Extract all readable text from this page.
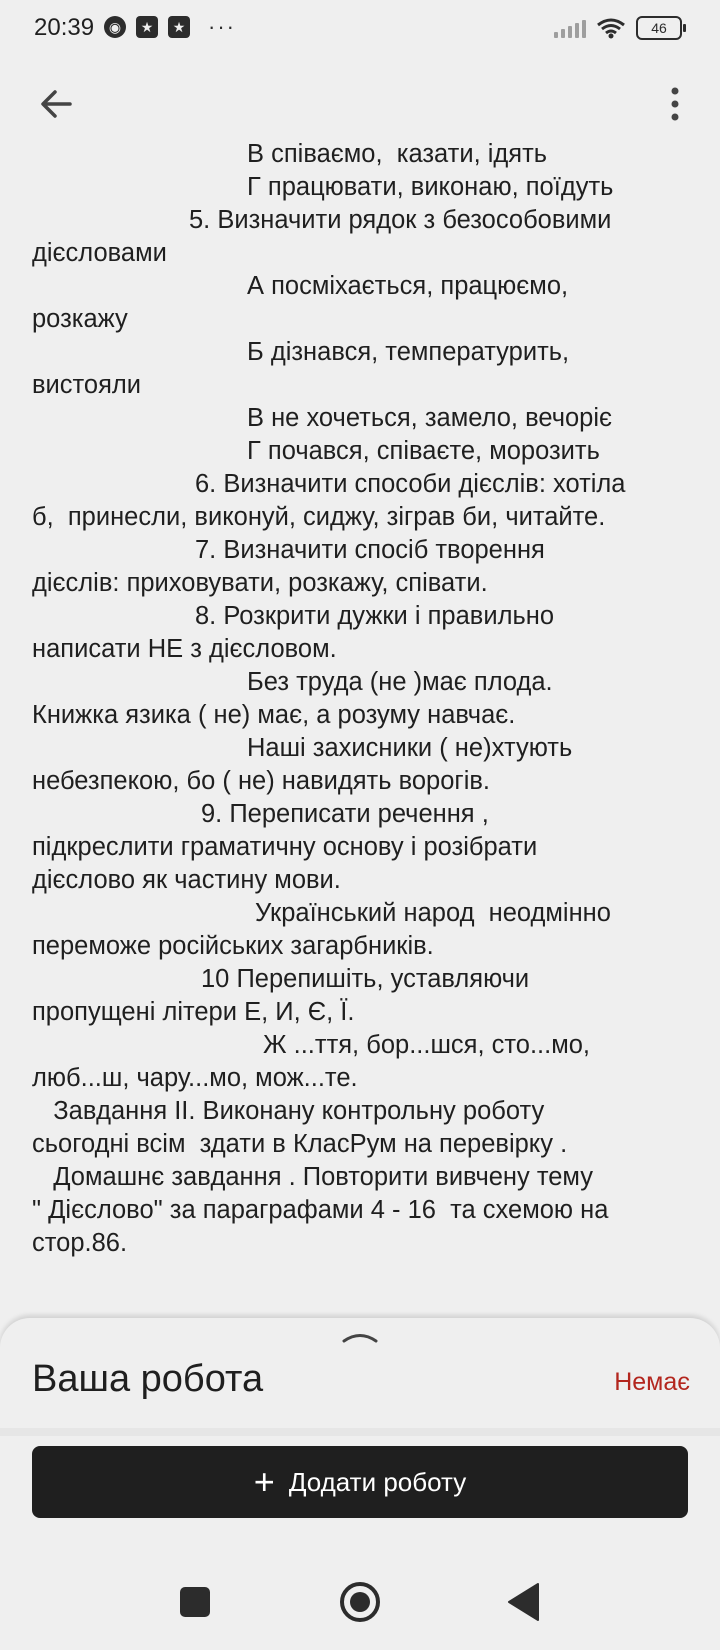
20:39	◉	★	★ ···	46
В співаємо,  казати, ідять
Г працювати, виконаю, поїдуть
5. Визначити рядок з безособовими
дієсловами
А посміхається, працюємо,
розкажу
Б дізнався, температурить,
вистояли
В не хочеться, замело, вечоріє
Г почався, співаєте, морозить
6. Визначити способи дієслів: хотіла
б,  принесли, виконуй, сиджу, зіграв би, читайте.
7. Визначити спосіб творення
дієслів: приховувати, розкажу, співати.
8. Розкрити дужки і правильно
написати НЕ з дієсловом.
Без труда (не )має плода.
Книжка язика ( не) має, а розуму навчає.
Наші захисники ( не)хтують
небезпекою, бо ( не) навидять ворогів.
9. Переписати речення ,
підкреслити граматичну основу і розібрати
дієслово як частину мови.
Український народ  неодмінно
переможе російських загарбників.
10 Перепишіть, уставляючи
пропущені літери Е, И, Є, Ї.
Ж ...ття, бор...шся, сто...мо,
люб...ш, чару...мо, мож...те.
Завдання ІІ. Виконану контрольну роботу
сьогодні всім  здати в КласРум на перевірку .
Домашнє завдання . Повторити вивчену тему
" Дієслово" за параграфами 4 - 16  та схемою на
стор.86.
Ваша робота	Немає
+ Додати роботу
